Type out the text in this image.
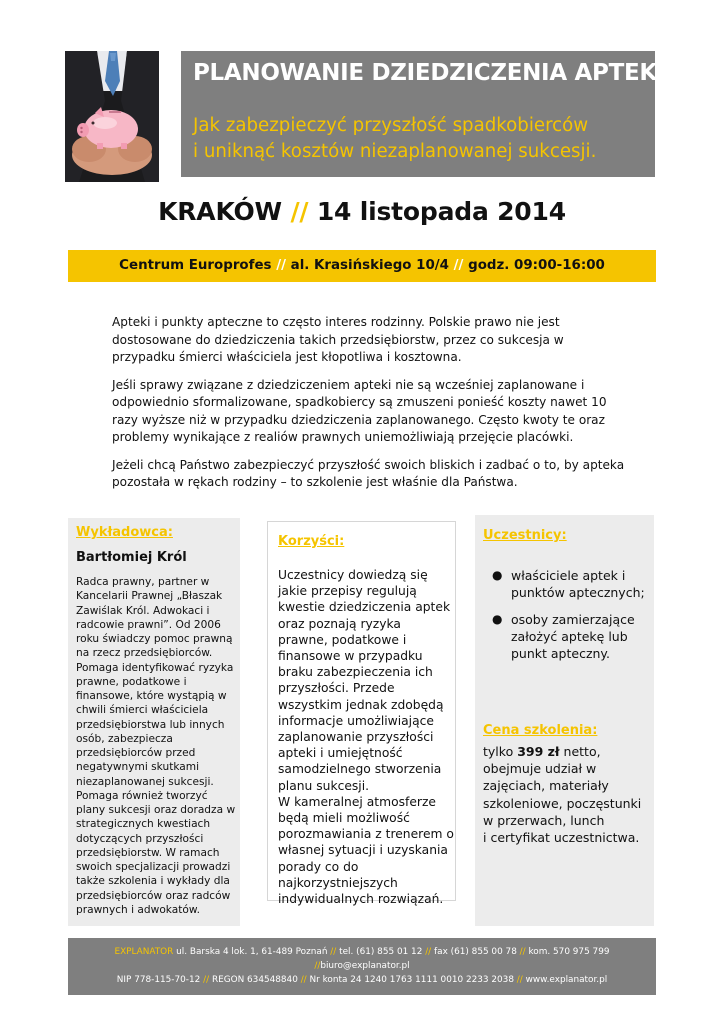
PLANOWANIE DZIEDZICZENIA APTEKI
Jak zabezpieczyć przyszłość spadkobierców
i uniknąć kosztów niezaplanowanej sukcesji.
KRAKÓW // 14 listopada 2014
Centrum Europrofes // al. Krasińskiego 10/4 // godz. 09:00-16:00

Apteki i punkty apteczne to często interes rodzinny. Polskie prawo nie jest dostosowane do dziedziczenia takich przedsiębiorstw, przez co sukcesja w przypadku śmierci właściciela jest kłopotliwa i kosztowna.

Jeśli sprawy związane z dziedziczeniem apteki nie są wcześniej zaplanowane i odpowiednio sformalizowane, spadkobiercy są zmuszeni ponieść koszty nawet 10 razy wyższe niż w przypadku dziedziczenia zaplanowanego. Często kwoty te oraz problemy wynikające z realiów prawnych uniemożliwiają przejęcie placówki.

Jeżeli chcą Państwo zabezpieczyć przyszłość swoich bliskich i zadbać o to, by apteka pozostała w rękach rodziny – to szkolenie jest właśnie dla Państwa.

Wykładowca:
Bartłomiej Król
Radca prawny, partner w Kancelarii Prawnej „Błaszak Zawiślak Król. Adwokaci i radcowie prawni”. Od 2006 roku świadczy pomoc prawną na rzecz przedsiębiorców. Pomaga identyfikować ryzyka prawne, podatkowe i finansowe, które wystąpią w chwili śmierci właściciela przedsiębiorstwa lub innych osób, zabezpiecza przedsiębiorców przed negatywnymi skutkami niezaplanowanej sukcesji. Pomaga również tworzyć plany sukcesji oraz doradza w strategicznych kwestiach dotyczących przyszłości przedsiębiorstw. W ramach swoich specjalizacji prowadzi także szkolenia i wykłady dla przedsiębiorców oraz radców prawnych i adwokatów.
Korzyści:
Uczestnicy dowiedzą się jakie przepisy regulują kwestie dziedziczenia aptek oraz poznają ryzyka prawne, podatkowe i finansowe w przypadku braku zabezpieczenia ich przyszłości. Przede wszystkim jednak zdobędą informacje umożliwiające zaplanowanie przyszłości apteki i umiejętność samodzielnego stworzenia planu sukcesji.
W kameralnej atmosferze będą mieli możliwość porozmawiania z trenerem o własnej sytuacji i uzyskania porady co do najkorzystniejszych indywidualnych rozwiązań.
Uczestnicy:
● właściciele aptek i punktów aptecznych;
● osoby zamierzające założyć aptekę lub punkt apteczny.
Cena szkolenia:
tylko 399 zł netto, obejmuje udział w zajęciach, materiały szkoleniowe, poczęstunki w przerwach, lunch
i certyfikat uczestnictwa.
EXPLANATOR ul. Barska 4 lok. 1, 61-489 Poznań // tel. (61) 855 01 12 // fax (61) 855 00 78 // kom. 570 975 799
//biuro@explanator.pl
NIP 778-115-70-12 // REGON 634548840 // Nr konta 24 1240 1763 1111 0010 2233 2038 // www.explanator.pl
